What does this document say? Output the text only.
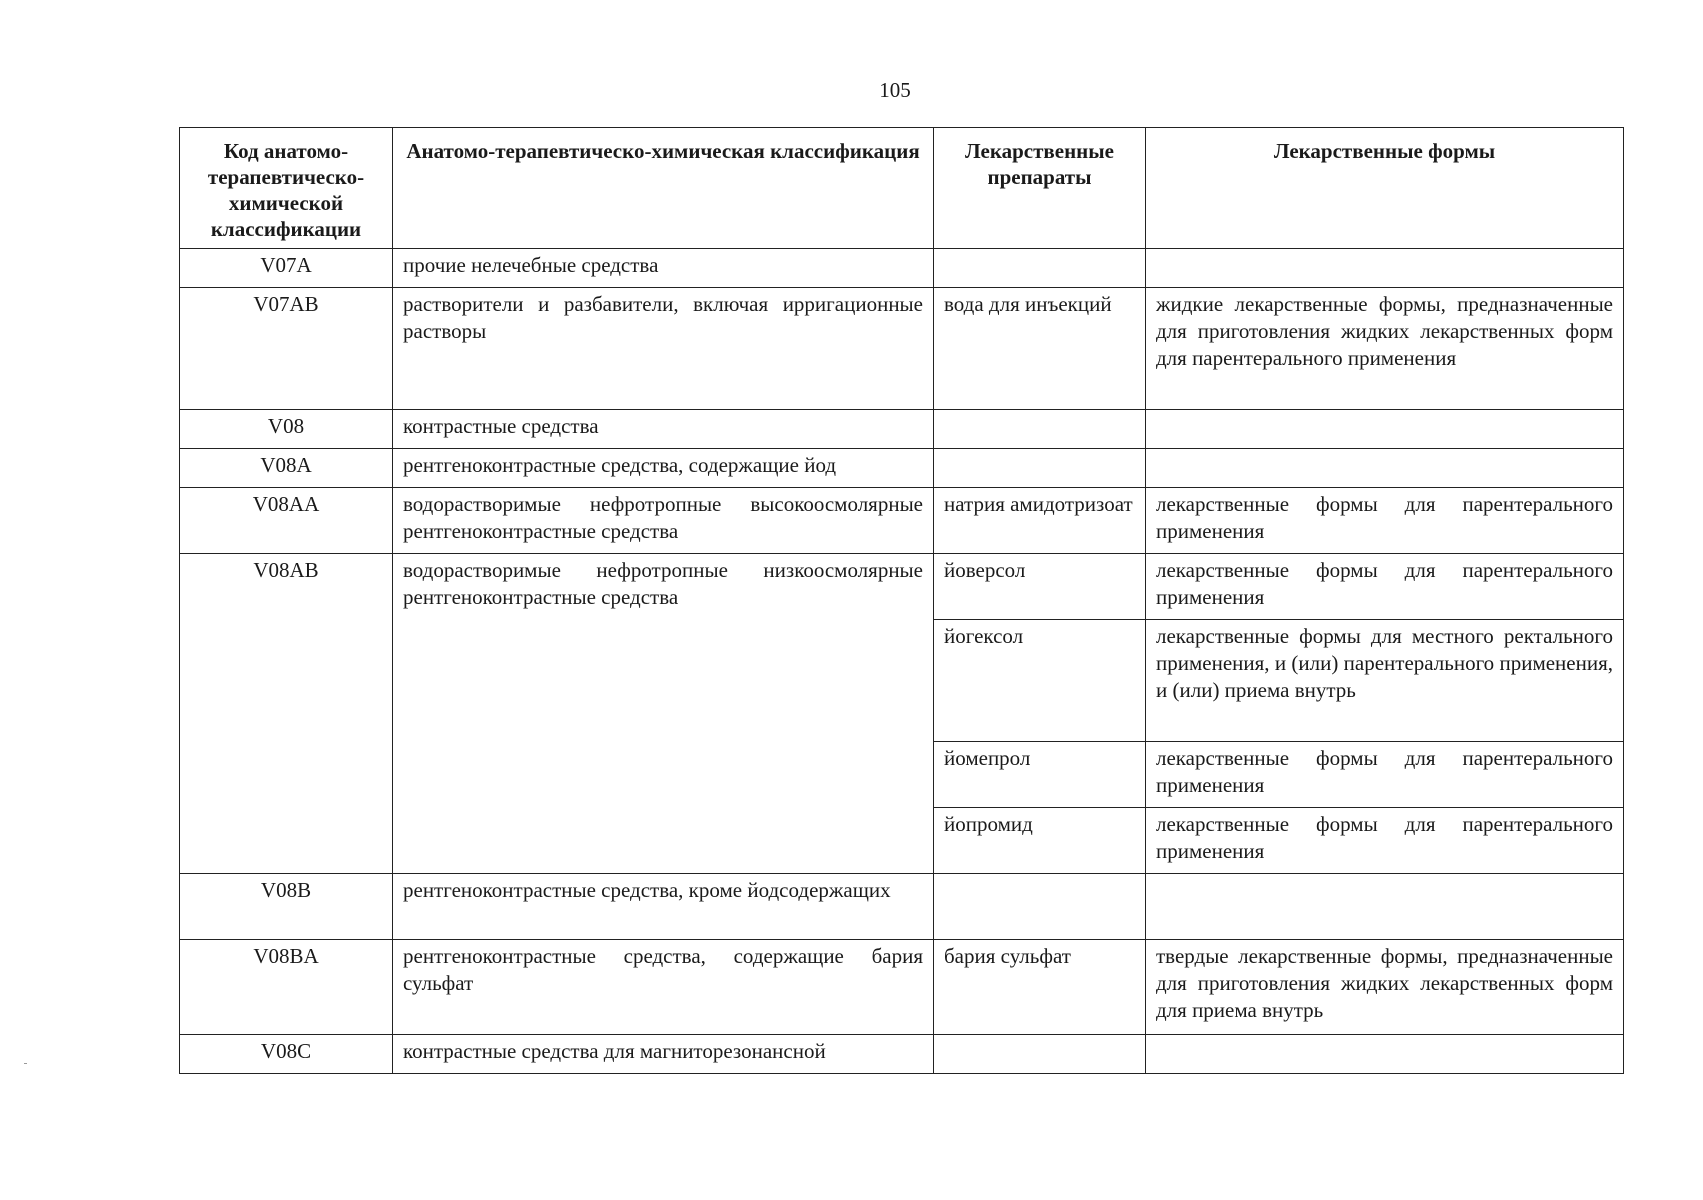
105
Код анатомо-терапевтическо-химической классификации	Анатомо-терапевтическо-химическая классификация	Лекарственные препараты	Лекарственные формы
V07A	прочие нелечебные средства		
V07AB	растворители и разбавители, включая ирригационные растворы	вода для инъекций	жидкие лекарственные формы, предназначенные для приготовления жидких лекарственных форм для парентерального применения
V08	контрастные средства		
V08A	рентгеноконтрастные средства, содержащие йод		
V08AA	водорастворимые нефротропные высокоосмолярные рентгеноконтрастные средства	натрия амидотризоат	лекарственные формы для парентерального применения
V08AB	водорастворимые нефротропные низкоосмолярные рентгеноконтрастные средства	йоверсол	лекарственные формы для парентерального применения
		йогексол	лекарственные формы для местного ректального применения, и (или) парентерального применения, и (или) приема внутрь
		йомепрол	лекарственные формы для парентерального применения
		йопромид	лекарственные формы для парентерального применения
V08B	рентгеноконтрастные средства, кроме йодсодержащих		
V08BA	рентгеноконтрастные средства, содержащие бария сульфат	бария сульфат	твердые лекарственные формы, предназначенные для приготовления жидких лекарственных форм для приема внутрь
V08C	контрастные средства для магниторезонансной		
